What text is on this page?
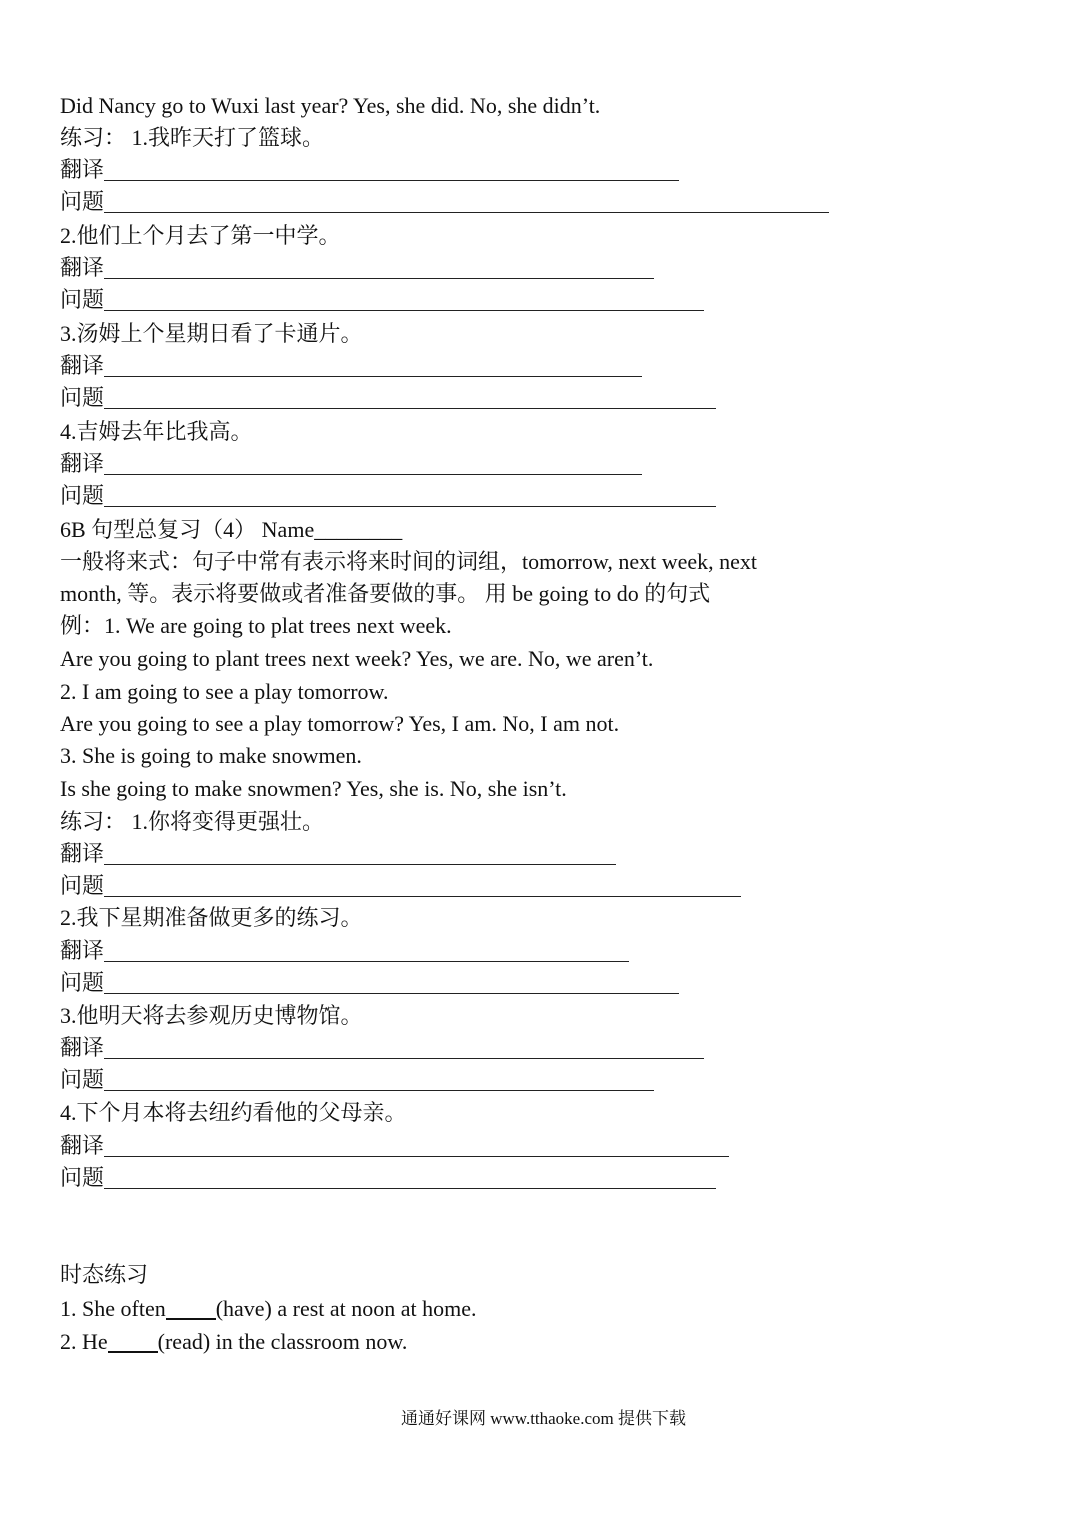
Did Nancy go to Wuxi last year? Yes, she did. No, she didn’t.
练习： 1.我昨天打了篮球。
翻译
问题
2.他们上个月去了第一中学。
翻译
问题
3.汤姆上个星期日看了卡通片。
翻译
问题
4.吉姆去年比我高。
翻译
问题
6B 句型总复习（4） Name________
一般将来式：句子中常有表示将来时间的词组，tomorrow, next week, next
month, 等。表示将要做或者准备要做的事。 用 be going to do 的句式
例：1. We are going to plat trees next week.
Are you going to plant trees next week? Yes, we are. No, we aren’t.
2. I am going to see a play tomorrow.
Are you going to see a play tomorrow? Yes, I am. No, I am not.
3. She is going to make snowmen.
Is she going to make snowmen? Yes, she is. No, she isn’t.
练习： 1.你将变得更强壮。
翻译
问题
2.我下星期准备做更多的练习。
翻译
问题
3.他明天将去参观历史博物馆。
翻译
问题
4.下个月本将去纽约看他的父母亲。
翻译
问题
时态练习
1. She often (have) a rest at noon at home.
2. He (read) in the classroom now.
通通好课网 www.tthaoke.com 提供下载
